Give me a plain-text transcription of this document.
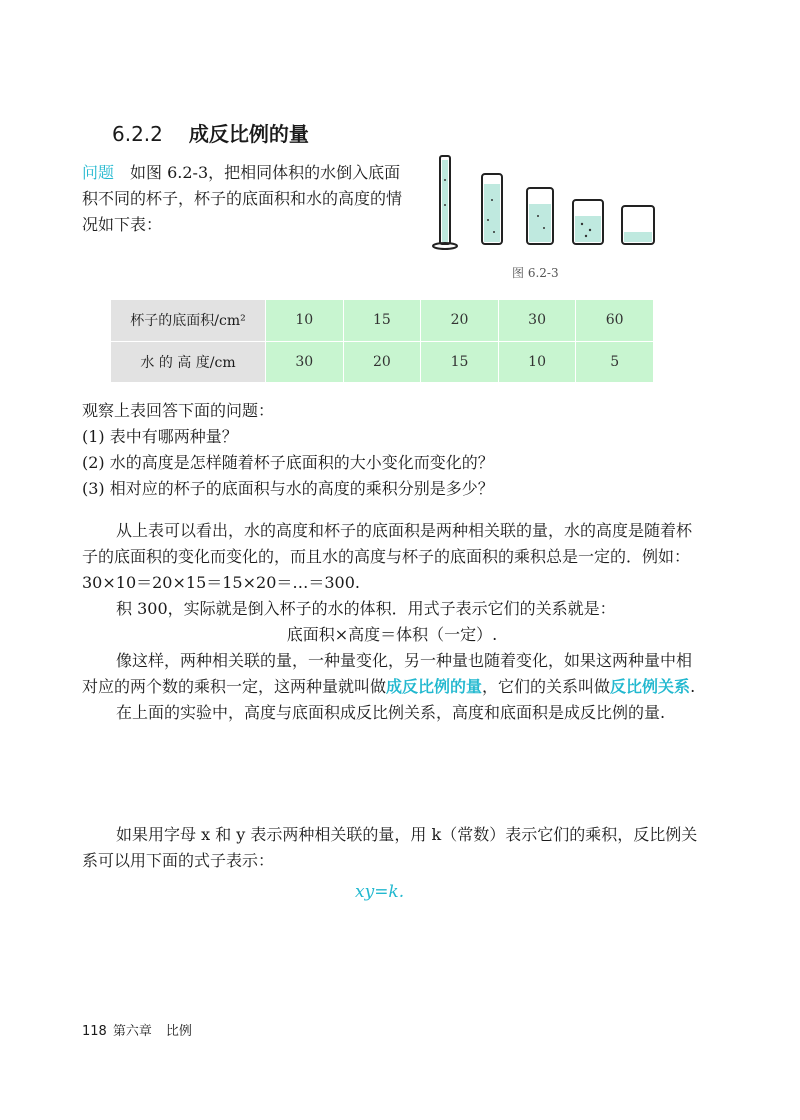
6.2.2 成反比例的量
问题  如图 6.2-3，把相同体积的水倒入底面积不同的杯子，杯子的底面积和水的高度的情况如下表：
图 6.2-3
杯子的底面积/cm²	10	15	20	30	60
水 的 高 度/cm	30	20	15	10	5

观察上表回答下面的问题：

(1) 表中有哪两种量？

(2) 水的高度是怎样随着杯子底面积的大小变化而变化的？

(3) 相对应的杯子的底面积与水的高度的乘积分别是多少？

从上表可以看出，水的高度和杯子的底面积是两种相关联的量，水的高度是随着杯子的底面积的变化而变化的，而且水的高度与杯子的底面积的乘积总是一定的．例如：30×10＝20×15＝15×20＝…＝300.

积 300，实际就是倒入杯子的水的体积．用式子表示它们的关系就是：

底面积×高度＝体积（一定）.

像这样，两种相关联的量，一种量变化，另一种量也随着变化，如果这两种量中相对应的两个数的乘积一定，这两种量就叫做成反比例的量，它们的关系叫做反比例关系.

在上面的实验中，高度与底面积成反比例关系，高度和底面积是成反比例的量.

如果用字母 x 和 y 表示两种相关联的量，用 k（常数）表示它们的乘积，反比例关系可以用下面的式子表示：

xy=k.
118 第六章 比例
